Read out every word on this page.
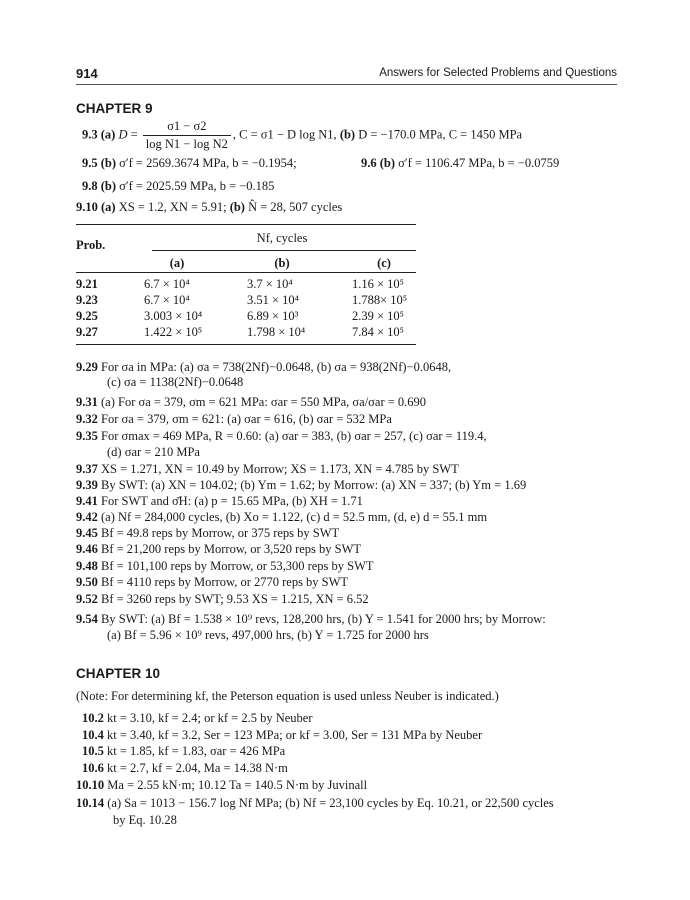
914	Answers for Selected Problems and Questions
CHAPTER 9
9.3 (a) $D = \frac{\sigma 1 - \sigma 2}{\text{log N1 − log N2}}$ , C = σ1 − D log N1, (b) D = −170.0 MPa, C = 1450 MPa
9.5 (b) σ′f = 2569.3674 MPa, b = −0.1954;	9.6 (b) σ′f = 1106.47 MPa, b = −0.0759
9.8 (b) σ′f = 2025.59 MPa, b = −0.185
9.10 (a) XS = 1.2, XN = 5.91; (b) N̂ = 28, 507 cycles
Prob.	Nf, cycles
(a)	(b)	(c)
9.21	6.7 × 10⁴	3.7 × 10⁴	1.16 × 10⁵
9.23	6.7 × 10⁴	3.51 × 10⁴	1.788× 10⁵
9.25	3.003 × 10⁴	6.89 × 10³	2.39 × 10⁵
9.27	1.422 × 10⁵	1.798 × 10⁴	7.84 × 10⁵
9.29 For σa in MPa: (a) σa = 738(2Nf)−0.0648, (b) σa = 938(2Nf)−0.0648,
(c) σa = 1138(2Nf)−0.0648
9.31 (a) For σa = 379, σm = 621 MPa: σar = 550 MPa, σa/σar = 0.690
9.32 For σa = 379, σm = 621: (a) σar = 616, (b) σar = 532 MPa
9.35 For σmax = 469 MPa, R = 0.60: (a) σar = 383, (b) σar = 257, (c) σar = 119.4,
(d) σar = 210 MPa
9.37 XS = 1.271, XN = 10.49 by Morrow; XS = 1.173, XN = 4.785 by SWT
9.39 By SWT: (a) XN = 104.02; (b) Ym = 1.62; by Morrow: (a) XN = 337; (b) Ym = 1.69
9.41 For SWT and σ̄H: (a) p = 15.65 MPa, (b) XH = 1.71
9.42 (a) Nf = 284,000 cycles, (b) Xo = 1.122, (c) d = 52.5 mm, (d, e) d = 55.1 mm
9.45 Bf = 49.8 reps by Morrow, or 375 reps by SWT
9.46 Bf = 21,200 reps by Morrow, or 3,520 reps by SWT
9.48 Bf = 101,100 reps by Morrow, or 53,300 reps by SWT
9.50 Bf = 4110 reps by Morrow, or 2770 reps by SWT
9.52 Bf = 3260 reps by SWT; 9.53 XS = 1.215, XN = 6.52
9.54 By SWT: (a) Bf = 1.538 × 10⁹ revs, 128,200 hrs, (b) Y = 1.541 for 2000 hrs; by Morrow:
(a) Bf = 5.96 × 10⁹ revs, 497,000 hrs, (b) Y = 1.725 for 2000 hrs
CHAPTER 10
(Note: For determining kf, the Peterson equation is used unless Neuber is indicated.)
10.2 kt = 3.10, kf = 2.4; or kf = 2.5 by Neuber
10.4 kt = 3.40, kf = 3.2, Ser = 123 MPa; or kf = 3.00, Ser = 131 MPa by Neuber
10.5 kt = 1.85, kf = 1.83, σar = 426 MPa
10.6 kt = 2.7, kf = 2.04, Ma = 14.38 N·m
10.10 Ma = 2.55 kN·m; 10.12 Ta = 140.5 N·m by Juvinall
10.14 (a) Sa = 1013 − 156.7 log Nf MPa; (b) Nf = 23,100 cycles by Eq. 10.21, or 22,500 cycles
by Eq. 10.28
